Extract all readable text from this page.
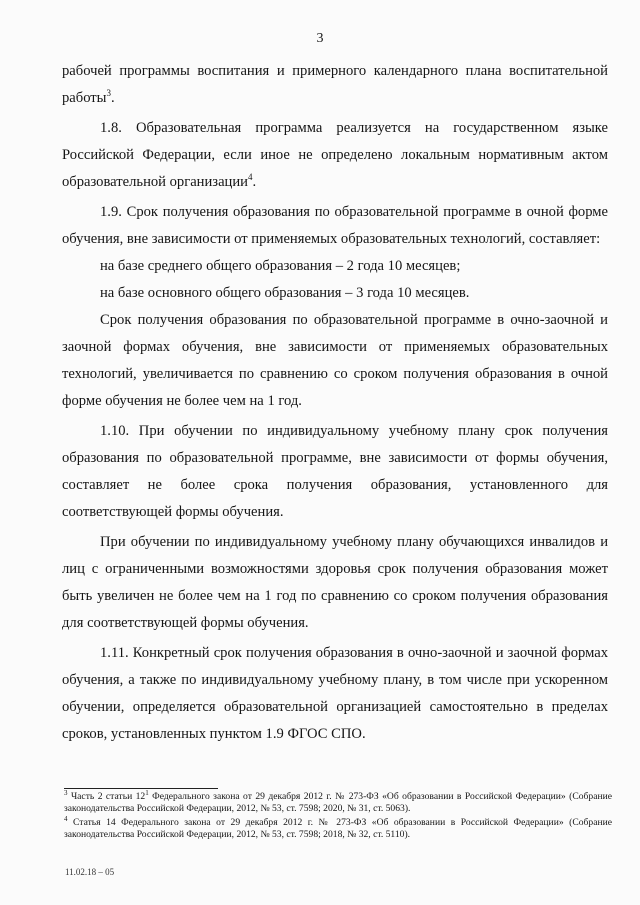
3

рабочей программы воспитания и примерного календарного плана воспитательной работы$^3$.

1.8. Образовательная программа реализуется на государственном языке Российской Федерации, если иное не определено локальным нормативным актом образовательной организации$^4$.

1.9. Срок получения образования по образовательной программе в очной форме обучения, вне зависимости от применяемых образовательных технологий, составляет:

на базе среднего общего образования – 2 года 10 месяцев;

на базе основного общего образования – 3 года 10 месяцев.

Срок получения образования по образовательной программе в очно-заочной и заочной формах обучения, вне зависимости от применяемых образовательных технологий, увеличивается по сравнению со сроком получения образования в очной форме обучения не более чем на 1 год.

1.10. При обучении по индивидуальному учебному плану срок получения образования по образовательной программе, вне зависимости от формы обучения, составляет не более срока получения образования, установленного для соответствующей формы обучения.

При обучении по индивидуальному учебному плану обучающихся инвалидов и лиц с ограниченными возможностями здоровья срок получения образования может быть увеличен не более чем на 1 год по сравнению со сроком получения образования для соответствующей формы обучения.

1.11. Конкретный срок получения образования в очно-заочной и заочной формах обучения, а также по индивидуальному учебному плану, в том числе при ускоренном обучении, определяется образовательной организацией самостоятельно в пределах сроков, установленных пунктом 1.9 ФГОС СПО.

$^3$ Часть 2 статьи $12^1$ Федерального закона от 29 декабря 2012 г. № 273-ФЗ «Об образовании в Российской Федерации» (Собрание законодательства Российской Федерации, 2012, № 53, ст. 7598; 2020, № 31, ст. 5063).

$^4$ Статья 14 Федерального закона от 29 декабря 2012 г. № 273-ФЗ «Об образовании в Российской Федерации» (Собрание законодательства Российской Федерации, 2012, № 53, ст. 7598; 2018, № 32, ст. 5110).

11.02.18 – 05
